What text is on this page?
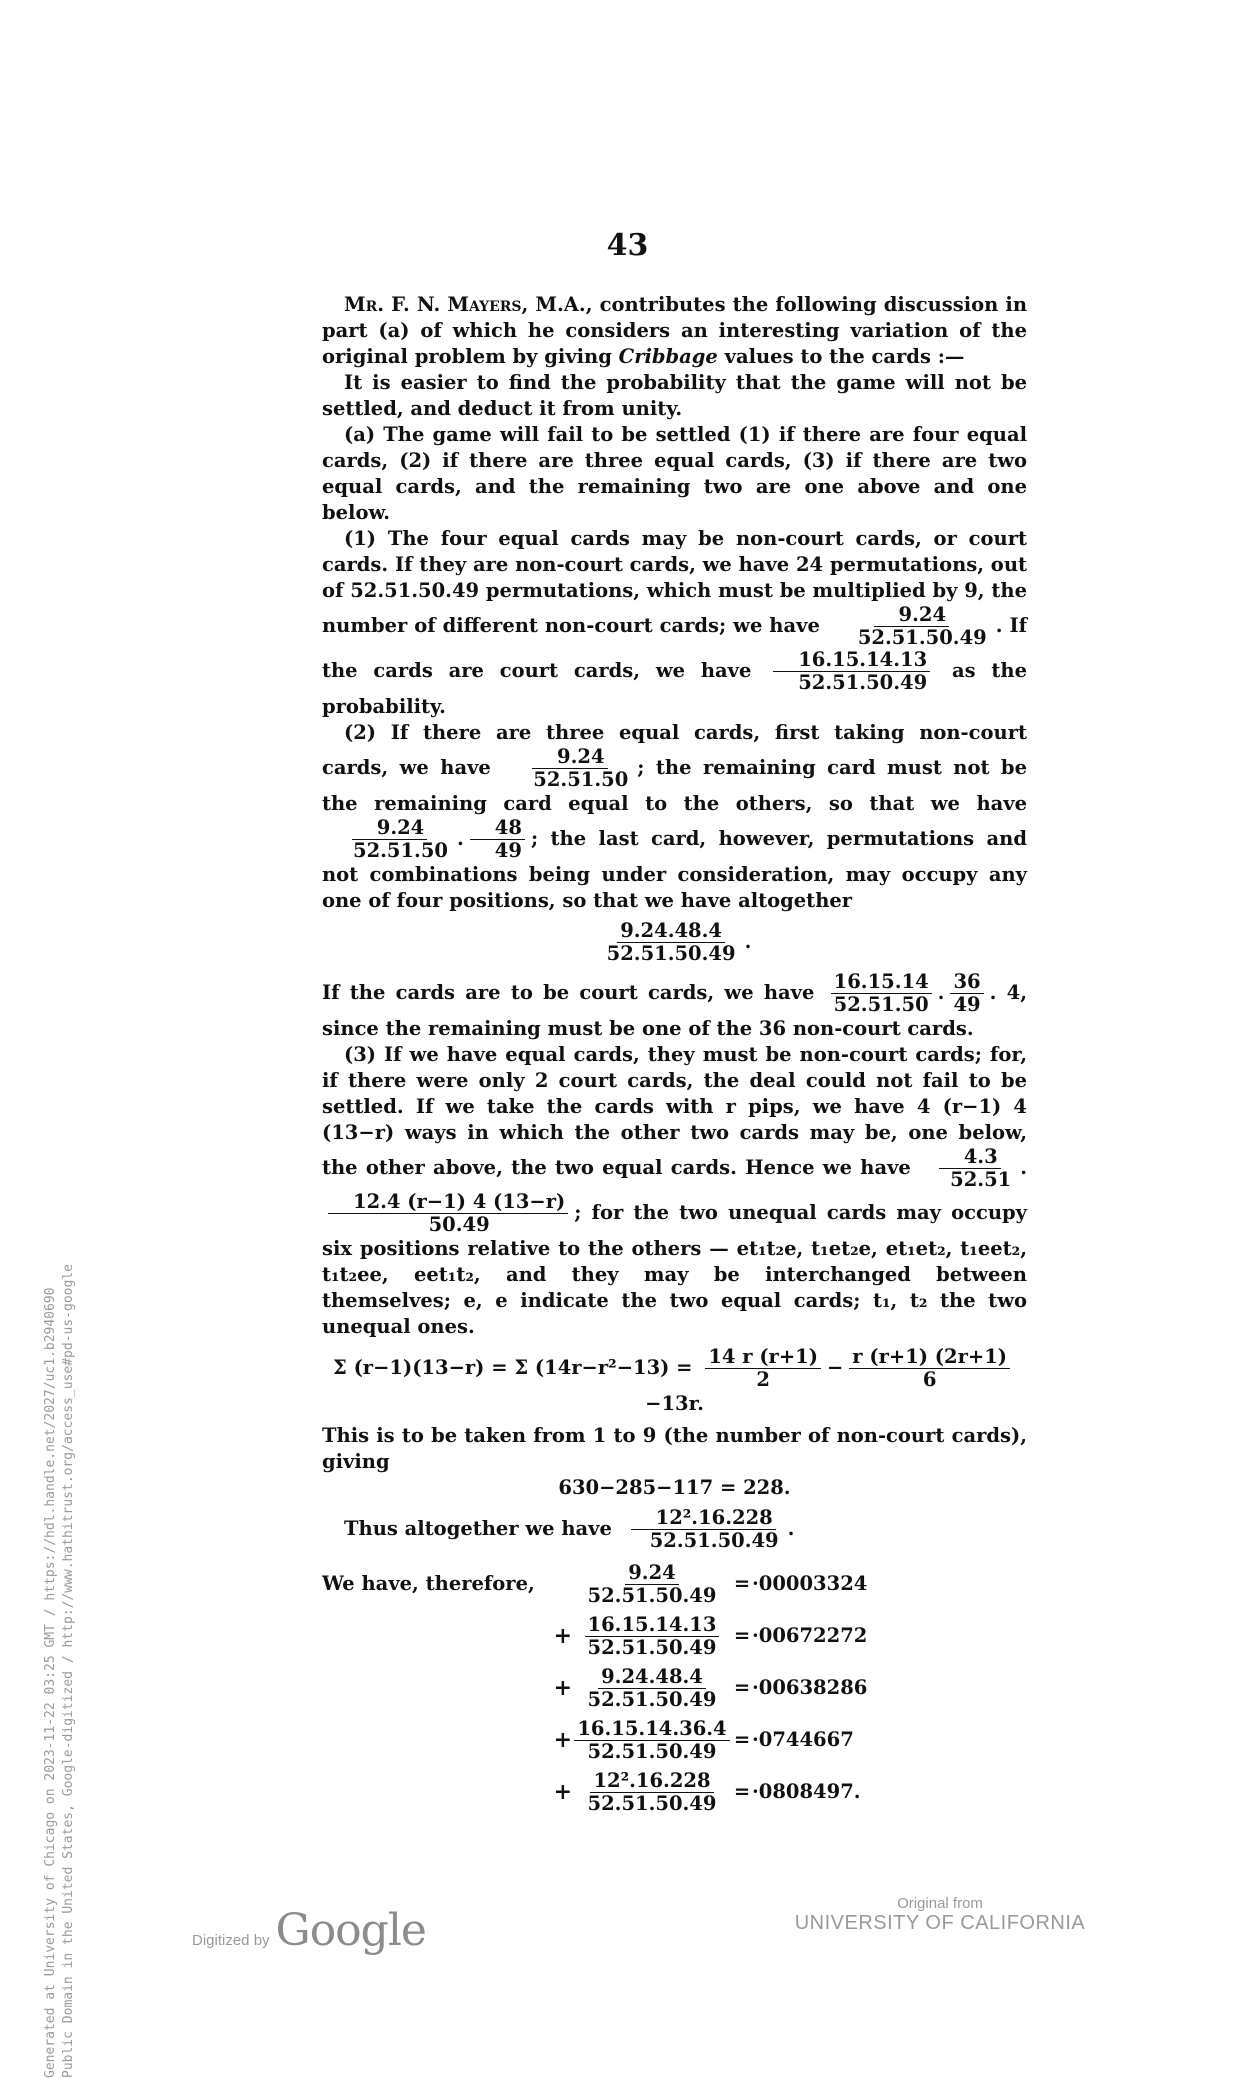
43

Mr. F. N. Mayers, M.A., contributes the following discussion in part (a) of which he considers an interesting variation of the original problem by giving Cribbage values to the cards :—

It is easier to find the probability that the game will not be settled, and deduct it from unity.

(a) The game will fail to be settled (1) if there are four equal cards, (2) if there are three equal cards, (3) if there are two equal cards, and the remaining two are one above and one below.

(1) The four equal cards may be non-court cards, or court cards. If they are non-court cards, we have 24 permutations, out of 52.51.50.49 permutations, which must be multiplied by 9, the number of different non-court cards; we have $\frac{9.24}{52.51.50.49}$ . If the cards are court cards, we have $\frac{16.15.14.13}{52.51.50.49}$ as the probability.

(2) If there are three equal cards, first taking non-court cards, we have $\frac{9.24}{52.51.50}$ ; the remaining card must not be the remaining card equal to the others, so that we have
$\frac{9.24}{52.51.50}$ . $\frac{48}{49}$ ; the last card, however, permutations and not combinations being under consideration, may occupy any one of four positions, so that we have altogether

$\frac{9.24.48.4}{52.51.50.49}$ .

If the cards are to be court cards, we have $\frac{16.15.14}{52.51.50}$ . $\frac{36}{49}$ . 4, since the remaining must be one of the 36 non-court cards.

(3) If we have equal cards, they must be non-court cards; for, if there were only 2 court cards, the deal could not fail to be settled. If we take the cards with r pips, we have 4 (r−1) 4 (13−r) ways in which the other two cards may be, one below, the other above, the two equal cards. Hence we have $\frac{4.3}{52.51}$ .
$\frac{12.4 (r-1) 4 (13-r)}{50.49}$ ; for the two unequal cards may occupy six positions relative to the others — et₁t₂e, t₁et₂e, et₁et₂, t₁eet₂, t₁t₂ee, eet₁t₂, and they may be interchanged between themselves; e, e indicate the two equal cards; t₁, t₂ the two unequal ones.

Σ (r−1)(13−r) = Σ $(14r-r^2-13) = \frac{14 r (r+1)}{2} - \frac{r (r+1) (2r+1)}{6}$
−13r.

This is to be taken from 1 to 9 (the number of non-court cards), giving

630−285−117 = 228.

Thus altogether we have $\frac{\text{12².16.228}}{52.51.50.49}$ .

We have, therefore,	$\frac{9.24}{52.51.50.49} = \cdot 00003324$
+ $\frac{16.15.14.13}{52.51.50.49} = \cdot 00672272$
+ $\frac{9.24.48.4}{52.51.50.49} = \cdot 00638286$
+ $\frac{16.15.14.36.4}{52.51.50.49} = \cdot 0744667$
+ $\frac{\text{12².16.228}}{52.51.50.49} = \cdot 0808497$.
Generated at University of Chicago on 2023-11-22 03:25 GMT / https://hdl.handle.net/2027/uc1.b2940690 Public Domain in the United States, Google-digitized / http://www.hathitrust.org/access_use#pd-us-google	Digitized by Google
Original from
UNIVERSITY OF CALIFORNIA
